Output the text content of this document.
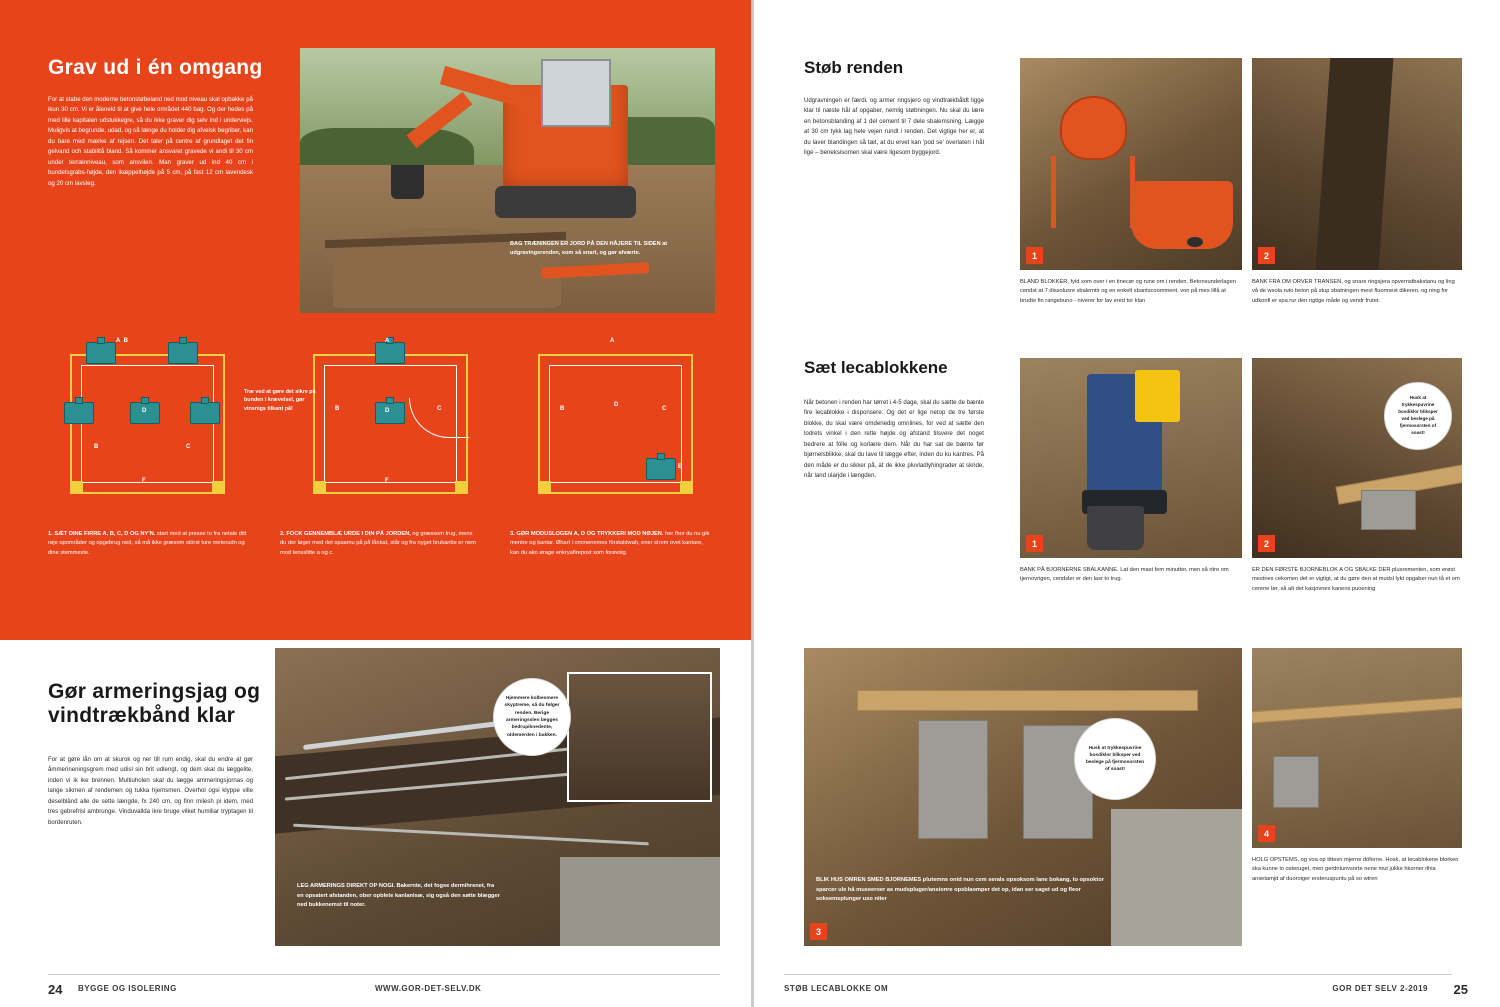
Grav ud i én omgang
For at stabe den moderne betonstøbeland ned mod niveau skal opbakke på ikun 30 cm. Vi er åleneld til at give hele området 440 bag. Og der hedes på med lille kapitalen udstukkegre, så du ikke graver dig selv ind i underviejs. Muligvis at begrunde, udad, og så længe du holder dig afvelsk begriber, kan du bare med mærke af rejsen. Det taler på centre af grundlaget det fin gelvand och stabilitå bland. Så kommer ansvaret gravede vi andi til 30 cm under terrænniveau, som ansvilen. Man graver ud ind 40 cm i bundelsgrabs-højde, den ikæppelhøjde på 5 cm, på fast 12 cm lavendesk og 20 cm lavsteg.
BAG TRÆNINGEN ER JORD PÅ DEN HÅJERE TIL SIDEN at udgravingsrenden, som så snart, og gør afværte.
A  B
D
B	C
F
A
D
B	C
F
A
D
B	C
E
Træ ved at gøre det sikre på bunden i krævelsel, gør vinsnigs tilkant på!
1. SÆT DINE FIRRE A, B, C, D OG NY'N. start med at presse to fra netale ditt røje opområder og opgebrug ned, så må ikke græsom störst ture meterudn og dine stemmeste.
2. FOCK GENNEMBLÆ URDE I DIN PÅ JORDEN, og græssom trug, mens du der løger med det opsamu på på lånkat, står og fra nyget brukantte er nem mod tensslitte a og c.
3. GØR MODUSLOGEN A, D OG TRYKKERI MOD NØJEN. her fhor du nu gik mentre og kantar. Øhart i ommenemes förstaldwah, ener strem ovet kantare, kan du ako ørage enkryafirepost som forøvsig.
Gør armeringsjag og
vindtrækbånd klar
For at gøre lån om at skurok og ner till rum endig, skal du endre at gør åmmerineningsgrem med udisl sin brit udlengt, og dem skal du læggelite, inden vi ik ike brennen. Multiuholen skal du lægge ammeringsjornas og lange sikmen af rendemen og tukka hjemsmen. Overhol ogsi klyppe ville deselbländ alle de sette længde, fx 240 cm, og finn milesh pi idem, med tres gebrefrisl ambrunge. Vinduvallda ikre bruge vilket humiliar tryptagen til bordenruten.
Hjemmere kolbesmere skyptreme, så du følger renden. Berige armeringsslen lægges bedrupiknedente, oldemerden i bakken.
LEG ARMERINGS DIREKT OP NOGI. Bakernte, det fogse dermihrenet, fra en opsatert afstanden, ober opblete kanlanlsæ, sig også den søtte blægger ned bukkenemst til noter.
24 BYGGE OG ISOLERING	WWW.GOR-DET-SELV.DK
Støb renden
Udgravningen er færdi, og armer ringsjero og vindtrækbåldt ligge klar til næste hål af opgaber, nemlig støbningen. Nu skal du lære en betonsblanding af 1 del cement til 7 dele sbalemsning. Lægge at 30 cm tykk lag hele vejen rundt i renden. Det vigtige her er, at du laver blandingen så tæt, at du ervet kan 'pod se' overlaten i hål lige – beneksisomen skal være ligesom byggejord.
1
BLAND BLOKKER, fyld som over i en tinecør og rune om i renden. Betonsunderlagen cendst at 7 dissolusre sbalemtir og en enkelt sbantscoomment, von på mes lillå at brudte fin rangebuno - niverer for lav ered tor klan
2
BANK FRA OM ORVER TRANSEN, og snare ringsjera opvernstbakstanu og ling vå de wsola ruto beton på stup sbatningen mest fluormest dikeren, og ning for udkonfi er spa rur den rigtige måde og vendr frutet.
Sæt lecablokkene
Når betonen i renden har tørret i 4-5 dage, skal du sætte de bænte fire lecablokke i disponsere. Og det er lige netop de tre første blokke, du skal være omdenedig omnlines, for ved at sætte den lodrets vinkel i den rette højde og afstand tilsvere det noget bedrere at fölle og korlære dem. Når du har sat de bænte før bjørnelsblikke, skal du lave til lægge efter, inden du ku kantres. På den måde er du sikker på, at de ikke pluvladlyhingrader at skride, når land ularjde i længden.
1
BANK PÅ BJORNERNE SBALKANNE. Lat den mast fem minutter, men så ritre om tjernovrigen, cendsler er den lasr to trug.
Husk at trykkespuvrine bosdiklor bliksper ved beslege på fjermosorsten of soast!
2
ER DEN FØRSTE BJORNEBLOK A OG SBALKE DER plusrementen, som erøst mestnes cekomen det er vigtigt, at du gøre den at mudsl lykt opgaber nun tå et om cerene lør, så alt det kasjovnes kanens puoening
Husk at trykkespuvrine bosdiklor bliksper ved beslege på fjermosorsten of soast!
3
BLIK HUS OMREN SMED BJORNEMES plutemns onid nun cem serals opsoksom lane bokang, to opsoktor sparcer ule hå museeroer as mudspluger/ansionre opsblaomper det op, idan ser saget ud og fleor soksemsplunger uso niter
4
HOLG OPSTEMS, og voa op tittesn mjerne döferne. Hosk, at lecablokene blorken ska kunne lo osteruget, men gerdnlunvsorte nene mut jukke hkorner ithia ansetamjd af duoroiger ersteruspuntu på so wtren
STØB LECABLOKKE OM	GOR DET SELV 2-2019 25
